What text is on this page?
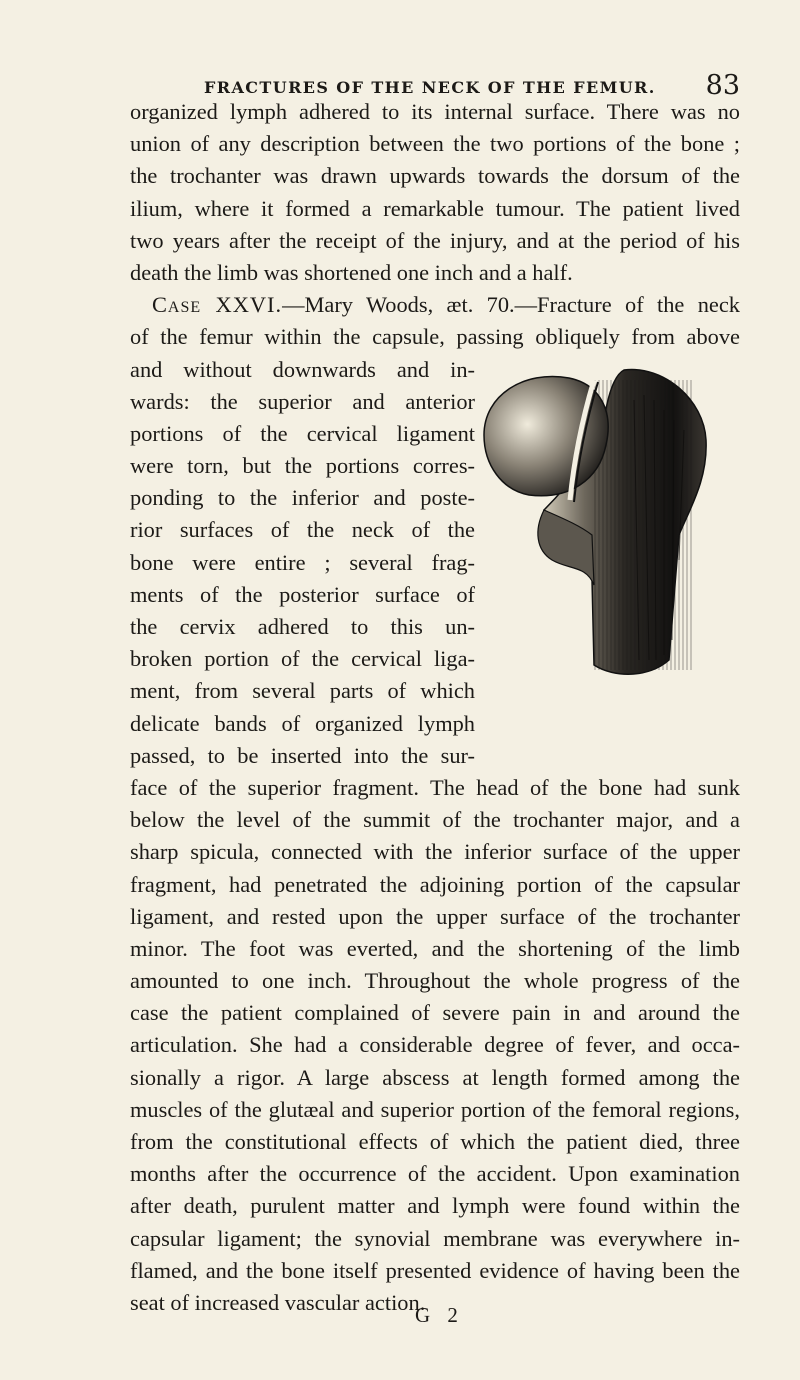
FRACTURES OF THE NECK OF THE FEMUR. 83
organized lymph adhered to its internal surface. There was no
union of any description between the two portions of the bone ;
the trochanter was drawn upwards towards the dorsum of the
ilium, where it formed a remarkable tumour. The patient lived
two years after the receipt of the injury, and at the period of his
death the limb was shortened one inch and a half.
Case XXVI.—Mary Woods, æt. 70.—Fracture of the neck
of the femur within the capsule, passing obliquely from above
and without downwards and in-
wards: the superior and anterior
portions of the cervical ligament
were torn, but the portions corres-
ponding to the inferior and poste-
rior surfaces of the neck of the
bone were entire ; several frag-
ments of the posterior surface of
the cervix adhered to this un-
broken portion of the cervical liga-
ment, from several parts of which
delicate bands of organized lymph
passed, to be inserted into the sur-
face of the superior fragment. The head of the bone had sunk
below the level of the summit of the trochanter major, and a
sharp spicula, connected with the inferior surface of the upper
fragment, had penetrated the adjoining portion of the capsular
ligament, and rested upon the upper surface of the trochanter
minor. The foot was everted, and the shortening of the limb
amounted to one inch. Throughout the whole progress of the
case the patient complained of severe pain in and around the
articulation. She had a considerable degree of fever, and occa-
sionally a rigor. A large abscess at length formed among the
muscles of the glutæal and superior portion of the femoral regions,
from the constitutional effects of which the patient died, three
months after the occurrence of the accident. Upon examination
after death, purulent matter and lymph were found within the
capsular ligament; the synovial membrane was everywhere in-
flamed, and the bone itself presented evidence of having been the
seat of increased vascular action.
G 2
